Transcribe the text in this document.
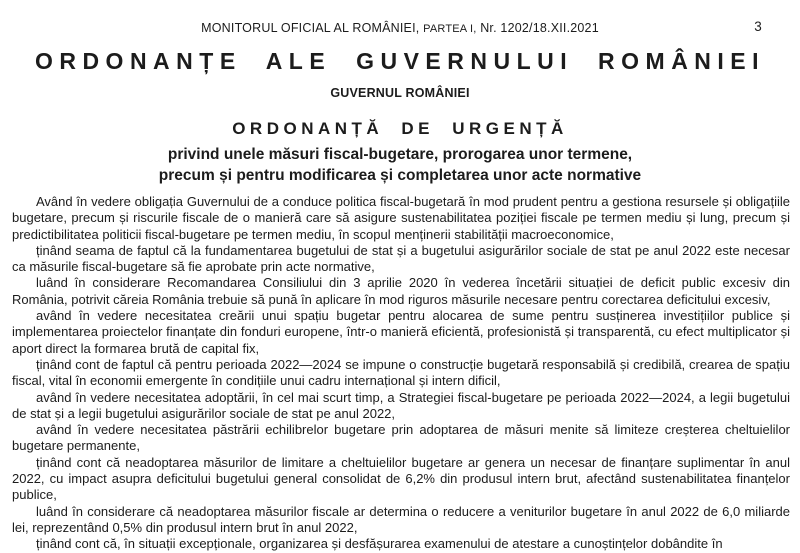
MONITORUL OFICIAL AL ROMÂNIEI, PARTEA I, Nr. 1202/18.XII.2021	3
ORDONANȚE ALE GUVERNULUI ROMÂNIEI
GUVERNUL ROMÂNIEI
ORDONANȚĂ DE URGENȚĂ
privind unele măsuri fiscal-bugetare, prorogarea unor termene,
precum și pentru modificarea și completarea unor acte normative

Având în vedere obligația Guvernului de a conduce politica fiscal-bugetară în mod prudent pentru a gestiona resursele și obligațiile bugetare, precum și riscurile fiscale de o manieră care să asigure sustenabilitatea poziției fiscale pe termen mediu și lung, precum și predictibilitatea politicii fiscal-bugetare pe termen mediu, în scopul menținerii stabilității macroeconomice,

ținând seama de faptul că la fundamentarea bugetului de stat și a bugetului asigurărilor sociale de stat pe anul 2022 este necesar ca măsurile fiscal-bugetare să fie aprobate prin acte normative,

luând în considerare Recomandarea Consiliului din 3 aprilie 2020 în vederea încetării situației de deficit public excesiv din România, potrivit căreia România trebuie să pună în aplicare în mod riguros măsurile necesare pentru corectarea deficitului excesiv,

având în vedere necesitatea creării unui spațiu bugetar pentru alocarea de sume pentru susținerea investițiilor publice și implementarea proiectelor finanțate din fonduri europene, într-o manieră eficientă, profesionistă și transparentă, cu efect multiplicator și aport direct la formarea brută de capital fix,

ținând cont de faptul că pentru perioada 2022—2024 se impune o construcție bugetară responsabilă și credibilă, crearea de spațiu fiscal, vital în economii emergente în condițiile unui cadru internațional și intern dificil,

având în vedere necesitatea adoptării, în cel mai scurt timp, a Strategiei fiscal-bugetare pe perioada 2022—2024, a legii bugetului de stat și a legii bugetului asigurărilor sociale de stat pe anul 2022,

având în vedere necesitatea păstrării echilibrelor bugetare prin adoptarea de măsuri menite să limiteze creșterea cheltuielilor bugetare permanente,

ținând cont că neadoptarea măsurilor de limitare a cheltuielilor bugetare ar genera un necesar de finanțare suplimentar în anul 2022, cu impact asupra deficitului bugetului general consolidat de 6,2% din produsul intern brut, afectând sustenabilitatea finanțelor publice,

luând în considerare că neadoptarea măsurilor fiscale ar determina o reducere a veniturilor bugetare în anul 2022 de 6,0 miliarde lei, reprezentând 0,5% din produsul intern brut în anul 2022,

ținând cont că, în situații excepționale, organizarea și desfășurarea examenului de atestare a cunoștințelor dobândite în
